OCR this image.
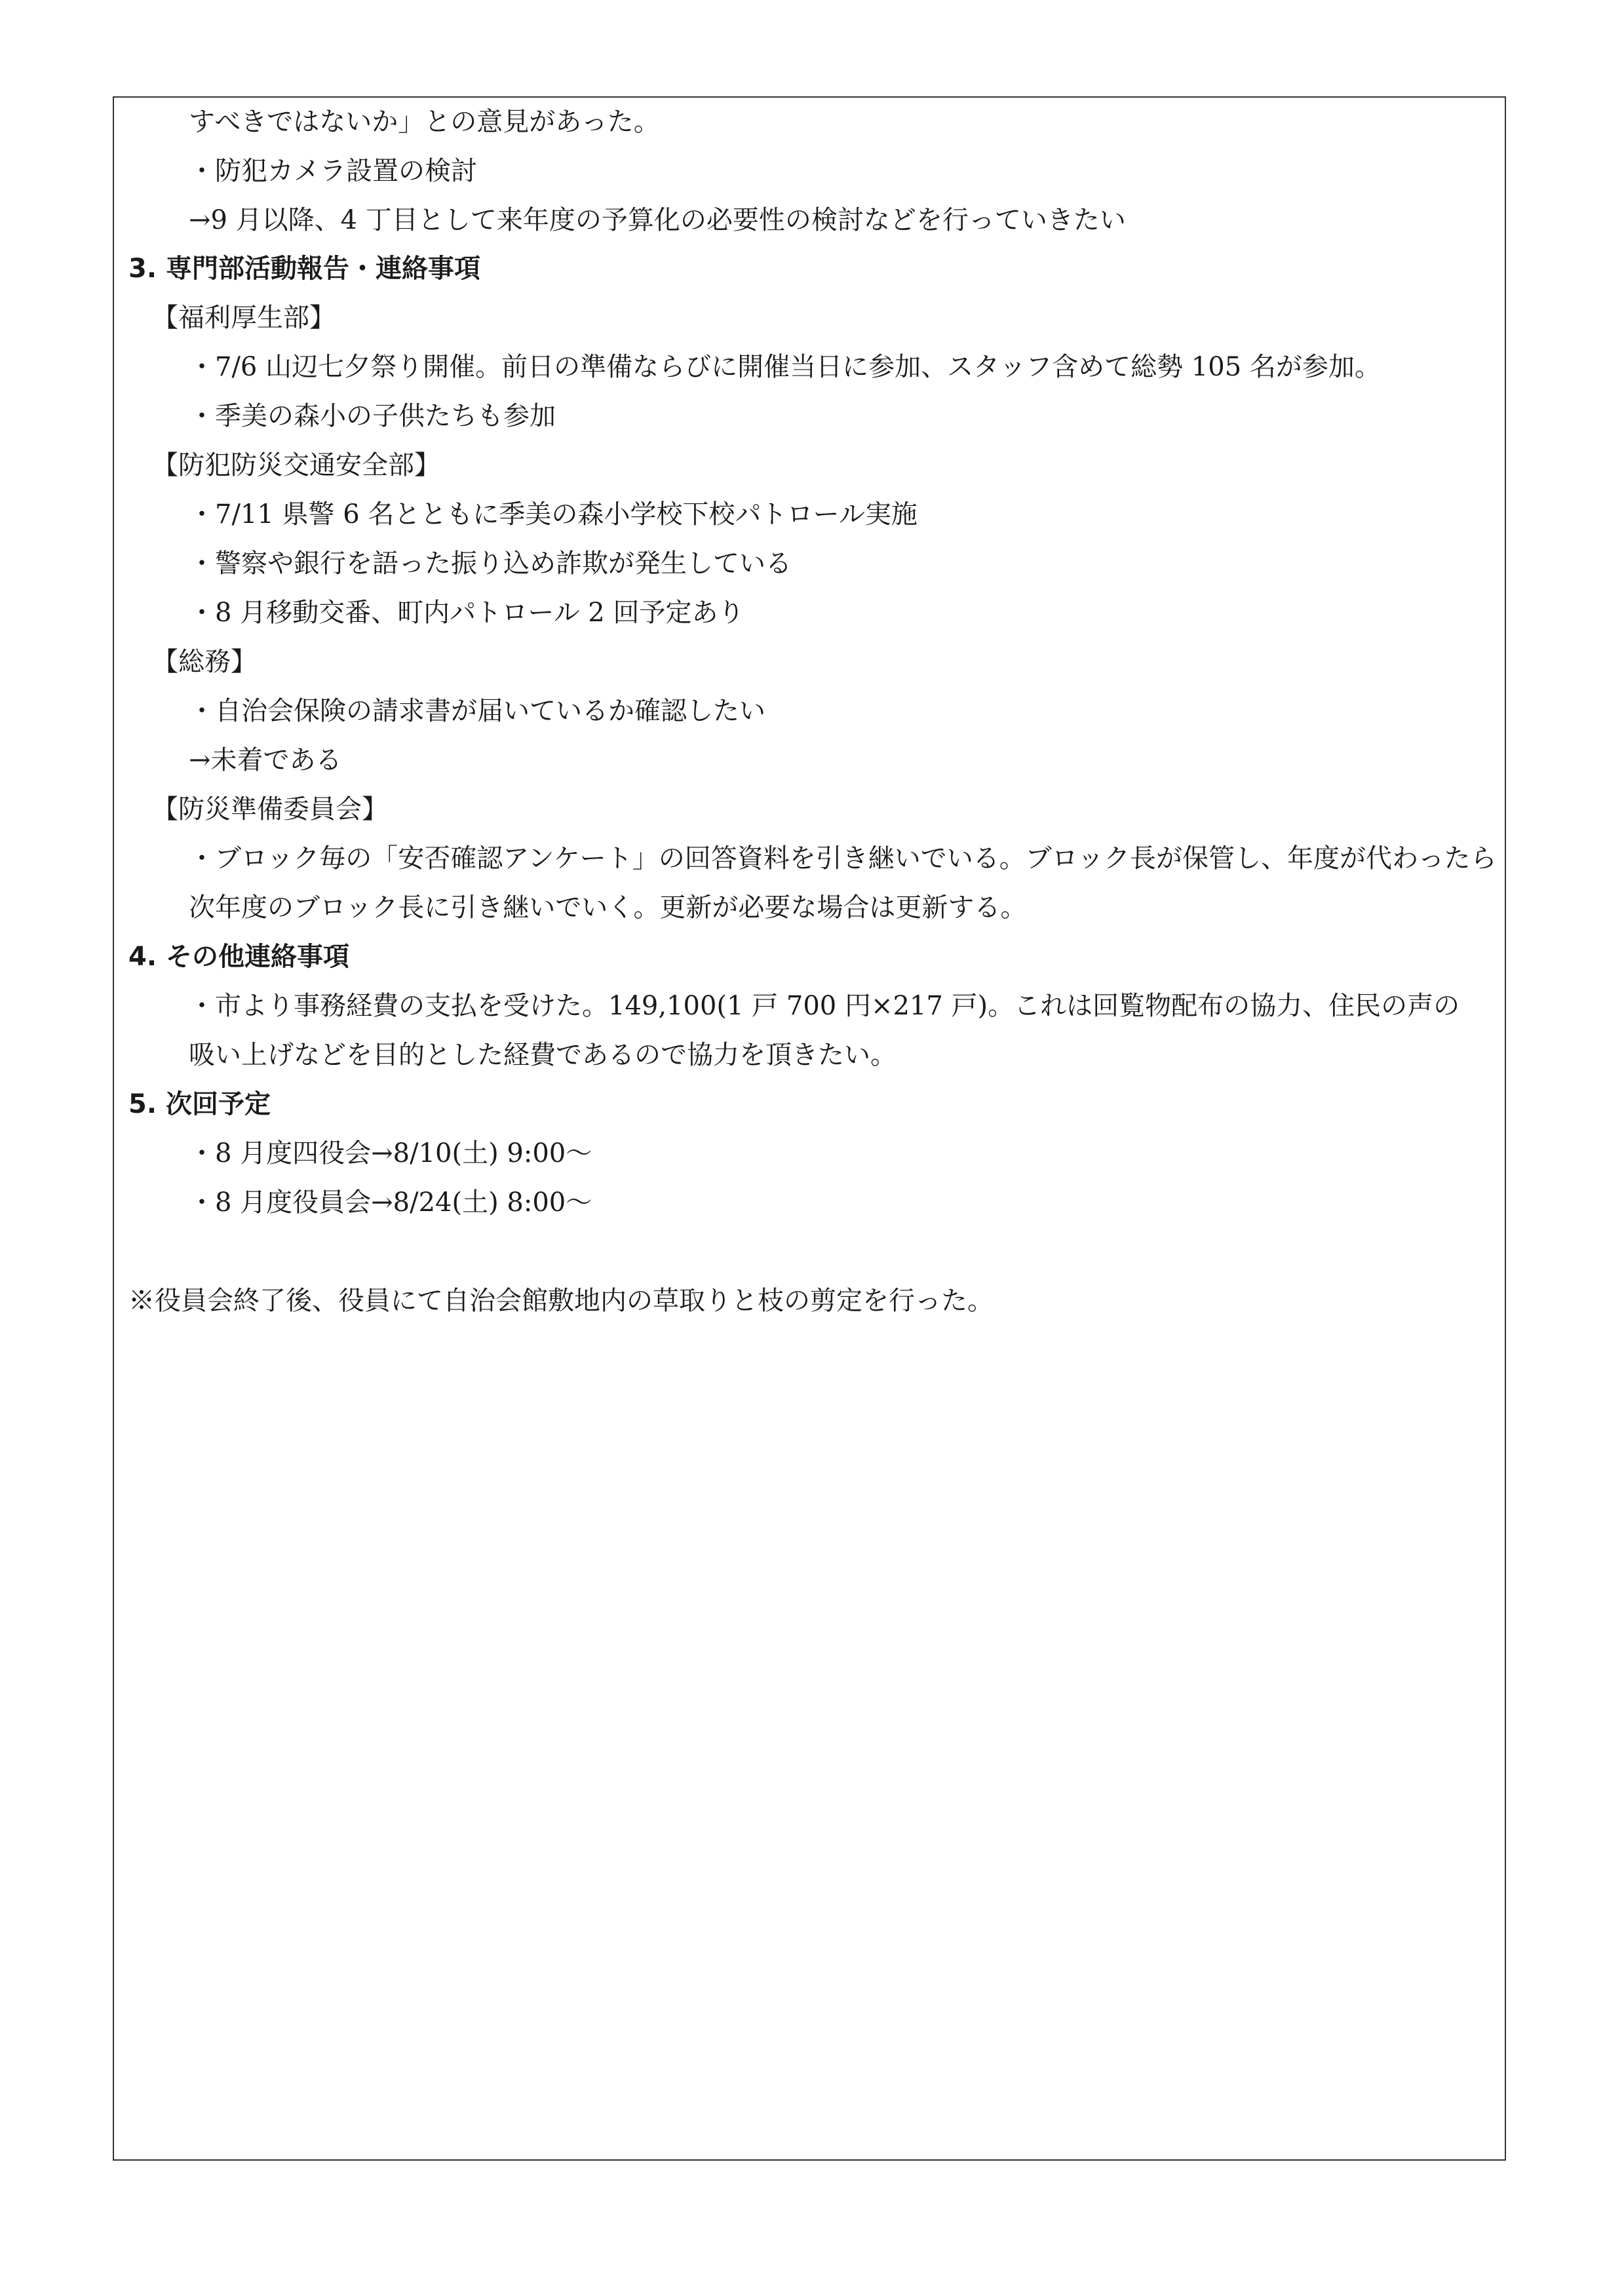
すべきではないか」との意見があった。
・防犯カメラ設置の検討
→9 月以降、4 丁目として来年度の予算化の必要性の検討などを行っていきたい
3. 専門部活動報告・連絡事項
【福利厚生部】
・7/6 山辺七夕祭り開催。前日の準備ならびに開催当日に参加、スタッフ含めて総勢 105 名が参加。
・季美の森小の子供たちも参加
【防犯防災交通安全部】
・7/11 県警 6 名とともに季美の森小学校下校パトロール実施
・警察や銀行を語った振り込め詐欺が発生している
・8 月移動交番、町内パトロール 2 回予定あり
【総務】
・自治会保険の請求書が届いているか確認したい
→未着である
【防災準備委員会】
・ブロック毎の「安否確認アンケート」の回答資料を引き継いでいる。ブロック長が保管し、年度が代わったら
次年度のブロック長に引き継いでいく。更新が必要な場合は更新する。
4. その他連絡事項
・市より事務経費の支払を受けた。149,100(1 戸 700 円×217 戸)。これは回覧物配布の協力、住民の声の
吸い上げなどを目的とした経費であるので協力を頂きたい。
5. 次回予定
・8 月度四役会→8/10(土) 9:00～
・8 月度役員会→8/24(土) 8:00～
※役員会終了後、役員にて自治会館敷地内の草取りと枝の剪定を行った。
